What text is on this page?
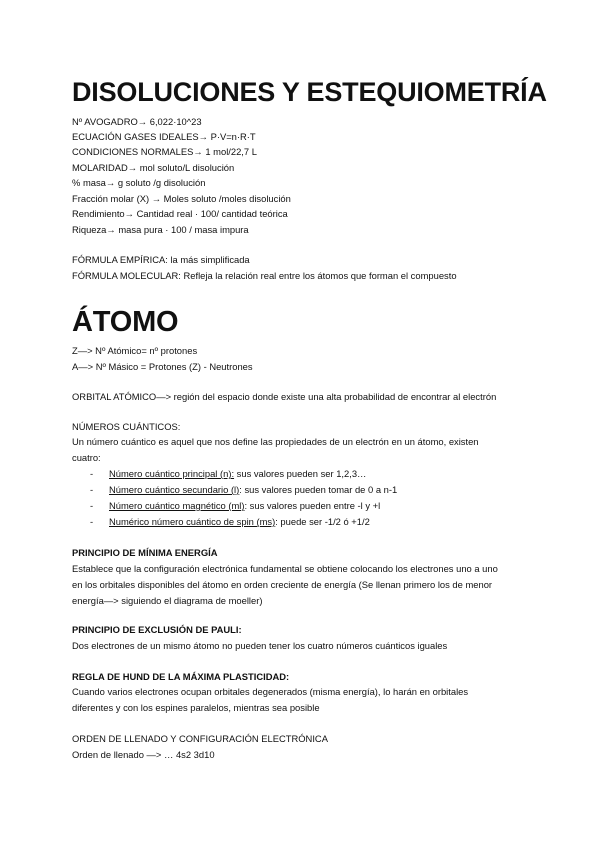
DISOLUCIONES Y ESTEQUIOMETRÍA
Nº AVOGADRO→ 6,022·10^23
ECUACIÓN GASES IDEALES→ P·V=n·R·T
CONDICIONES NORMALES→ 1 mol/22,7 L
MOLARIDAD→ mol soluto/L disolución
% masa→ g soluto /g disolución
Fracción molar (X) → Moles soluto /moles disolución
Rendimiento→ Cantidad real · 100/ cantidad teórica
Riqueza→ masa pura · 100 / masa impura
FÓRMULA EMPÍRICA: la más simplificada
FÓRMULA MOLECULAR: Refleja la relación real entre los átomos que forman el compuesto
ÁTOMO
Z—> Nº Atómico= nº protones
A—> Nº Másico = Protones (Z) - Neutrones
ORBITAL ATÓMICO—> región del espacio donde existe una alta probabilidad de encontrar al electrón
NÚMEROS CUÁNTICOS:
Un número cuántico es aquel que nos define las propiedades de un electrón en un átomo, existen cuatro:
- Número cuántico principal (n): sus valores pueden ser 1,2,3…
- Número cuántico secundario (l): sus valores pueden tomar de 0 a n-1
- Número cuántico magnético (ml): sus valores pueden entre -l y +l
- Numérico número cuántico de spin (ms): puede ser -1/2 ó +1/2
PRINCIPIO DE MÍNIMA ENERGÍA
Establece que la configuración electrónica fundamental se obtiene colocando los electrones uno a uno en los orbitales disponibles del átomo en orden creciente de energía (Se llenan primero los de menor energía—> siguiendo el diagrama de moeller)
PRINCIPIO DE EXCLUSIÓN DE PAULI:
Dos electrones de un mismo átomo no pueden tener los cuatro números cuánticos iguales
REGLA DE HUND DE LA MÁXIMA PLASTICIDAD:
Cuando varios electrones ocupan orbitales degenerados (misma energía), lo harán en orbitales diferentes y con los espines paralelos, mientras sea posible
ORDEN DE LLENADO Y CONFIGURACIÓN ELECTRÓNICA
Orden de llenado —> … 4s2 3d10
